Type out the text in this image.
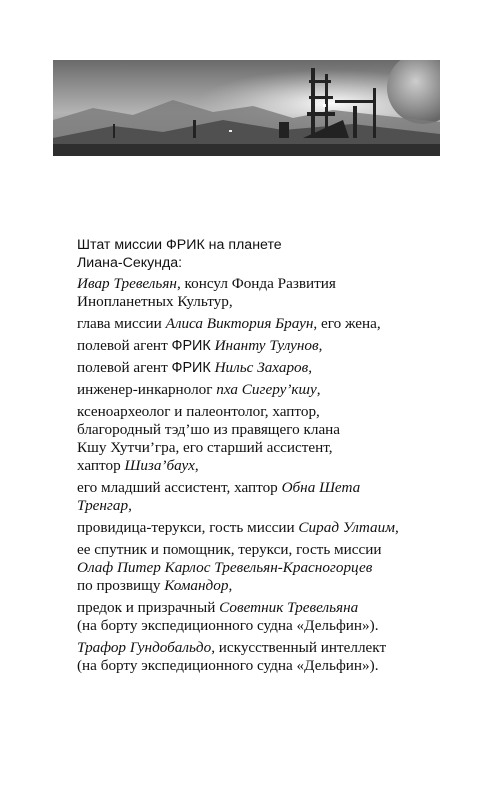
Штат миссии ФРИК на планете
Лиана-Секунда:
Ивар Тревельян, консул Фонда Развития
Инопланетных Культур,
глава миссии Алиса Виктория Браун, его жена,
полевой агент ФРИК Инанту Тулунов,
полевой агент ФРИК Нильс Захаров,
инженер-инкарнолог пха Сигеру’кшу,
ксеноархеолог и палеонтолог, хаптор,
благородный тэд’шо из правящего клана
Кшу Хутчи’гра, его старший ассистент,
хаптор Шиза’баух,
его младший ассистент, хаптор Обна Шета
Тренгар,
провидица-терукси, гость миссии Сирад Ултаим,
ее спутник и помощник, терукси, гость миссии
Олаф Питер Карлос Тревельян-Красногорцев
по прозвищу Командор,
предок и призрачный Советник Тревельяна
(на борту экспедиционного судна «Дельфин»).
Трафор Гундобальдо, искусственный интеллект
(на борту экспедиционного судна «Дельфин»).
